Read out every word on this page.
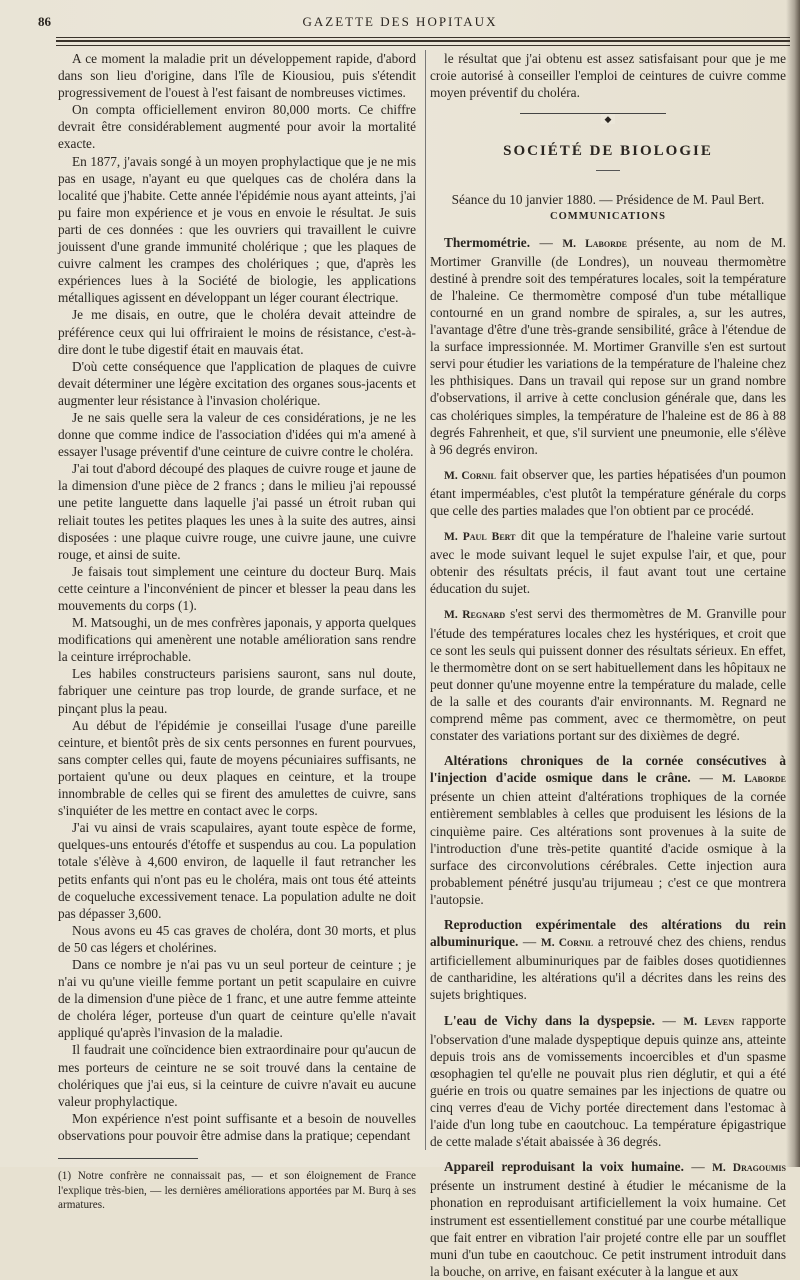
86	GAZETTE DES HOPITAUX

A ce moment la maladie prit un développement rapide, d'abord dans son lieu d'origine, dans l'île de Kiousiou, puis s'étendit progressivement de l'ouest à l'est faisant de nombreuses victimes.

On compta officiellement environ 80,000 morts. Ce chiffre devrait être considérablement augmenté pour avoir la mortalité exacte.

En 1877, j'avais songé à un moyen prophylactique que je ne mis pas en usage, n'ayant eu que quelques cas de choléra dans la localité que j'habite. Cette année l'épidémie nous ayant atteints, j'ai pu faire mon expérience et je vous en envoie le résultat. Je suis parti de ces données : que les ouvriers qui travaillent le cuivre jouissent d'une grande immunité cholérique ; que les plaques de cuivre calment les crampes des cholériques ; que, d'après les expériences lues à la Société de biologie, les applications métalliques agissent en développant un léger courant électrique.

Je me disais, en outre, que le choléra devait atteindre de préférence ceux qui lui offriraient le moins de résistance, c'est-à-dire dont le tube digestif était en mauvais état.

D'où cette conséquence que l'application de plaques de cuivre devait déterminer une légère excitation des organes sous-jacents et augmenter leur résistance à l'invasion cholérique.

Je ne sais quelle sera la valeur de ces considérations, je ne les donne que comme indice de l'association d'idées qui m'a amené à essayer l'usage préventif d'une ceinture de cuivre contre le choléra.

J'ai tout d'abord découpé des plaques de cuivre rouge et jaune de la dimension d'une pièce de 2 francs ; dans le milieu j'ai repoussé une petite languette dans laquelle j'ai passé un étroit ruban qui reliait toutes les petites plaques les unes à la suite des autres, ainsi disposées : une plaque cuivre rouge, une cuivre jaune, une cuivre rouge, et ainsi de suite.

Je faisais tout simplement une ceinture du docteur Burq. Mais cette ceinture a l'inconvénient de pincer et blesser la peau dans les mouvements du corps (1).

M. Matsoughi, un de mes confrères japonais, y apporta quelques modifications qui amenèrent une notable amélioration sans rendre la ceinture irréprochable.

Les habiles constructeurs parisiens sauront, sans nul doute, fabriquer une ceinture pas trop lourde, de grande surface, et ne pinçant plus la peau.

Au début de l'épidémie je conseillai l'usage d'une pareille ceinture, et bientôt près de six cents personnes en furent pourvues, sans compter celles qui, faute de moyens pécuniaires suffisants, ne portaient qu'une ou deux plaques en ceinture, et la troupe innombrable de celles qui se firent des amulettes de cuivre, sans s'inquiéter de les mettre en contact avec le corps.

J'ai vu ainsi de vrais scapulaires, ayant toute espèce de forme, quelques-uns entourés d'étoffe et suspendus au cou. La population totale s'élève à 4,600 environ, de laquelle il faut retrancher les petits enfants qui n'ont pas eu le choléra, mais ont tous été atteints de coqueluche excessivement tenace. La population adulte ne doit pas dépasser 3,600.

Nous avons eu 45 cas graves de choléra, dont 30 morts, et plus de 50 cas légers et cholérines.

Dans ce nombre je n'ai pas vu un seul porteur de ceinture ; je n'ai vu qu'une vieille femme portant un petit scapulaire en cuivre de la dimension d'une pièce de 1 franc, et une autre femme atteinte de choléra léger, porteuse d'un quart de ceinture qu'elle n'avait appliqué qu'après l'invasion de la maladie.

Il faudrait une coïncidence bien extraordinaire pour qu'aucun de mes porteurs de ceinture ne se soit trouvé dans la centaine de cholériques que j'ai eus, si la ceinture de cuivre n'avait eu aucune valeur prophylactique.

Mon expérience n'est point suffisante et a besoin de nouvelles observations pour pouvoir être admise dans la pratique; cependant

(1) Notre confrère ne connaissait pas, — et son éloignement de France l'explique très-bien, — les dernières améliorations apportées par M. Burq à ses armatures.

le résultat que j'ai obtenu est assez satisfaisant pour que je me croie autorisé à conseiller l'emploi de ceintures de cuivre comme moyen préventif du choléra.

◆
SOCIÉTÉ DE BIOLOGIE

Séance du 10 janvier 1880. — Présidence de M. Paul Bert.

COMMUNICATIONS

Thermométrie. — M. Laborde présente, au nom de M. Mortimer Granville (de Londres), un nouveau thermomètre destiné à prendre soit des températures locales, soit la température de l'haleine. Ce thermomètre composé d'un tube métallique contourné en un grand nombre de spirales, a, sur les autres, l'avantage d'être d'une très-grande sensibilité, grâce à l'étendue de la surface impressionnée. M. Mortimer Granville s'en est surtout servi pour étudier les variations de la température de l'haleine chez les phthisiques. Dans un travail qui repose sur un grand nombre d'observations, il arrive à cette conclusion générale que, dans les cas cholériques simples, la température de l'haleine est de 86 à 88 degrés Fahrenheit, et que, s'il survient une pneumonie, elle s'élève à 96 degrés environ.

M. Cornil fait observer que, les parties hépatisées d'un poumon étant imperméables, c'est plutôt la température générale du corps que celle des parties malades que l'on obtient par ce procédé.

M. Paul Bert dit que la température de l'haleine varie surtout avec le mode suivant lequel le sujet expulse l'air, et que, pour obtenir des résultats précis, il faut avant tout une certaine éducation du sujet.

M. Regnard s'est servi des thermomètres de M. Granville pour l'étude des températures locales chez les hystériques, et croit que ce sont les seuls qui puissent donner des résultats sérieux. En effet, le thermomètre dont on se sert habituellement dans les hôpitaux ne peut donner qu'une moyenne entre la température du malade, celle de la salle et des courants d'air environnants. M. Regnard ne comprend même pas comment, avec ce thermomètre, on peut constater des variations portant sur des dixièmes de degré.

Altérations chroniques de la cornée consécutives à l'injection d'acide osmique dans le crâne. — M. Laborde présente un chien atteint d'altérations trophiques de la cornée entièrement semblables à celles que produisent les lésions de la cinquième paire. Ces altérations sont provenues à la suite de l'introduction d'une très-petite quantité d'acide osmique à la surface des circonvolutions cérébrales. Cette injection aura probablement pénétré jusqu'au trijumeau ; c'est ce que montrera l'autopsie.

Reproduction expérimentale des altérations du rein albuminurique. — M. Cornil a retrouvé chez des chiens, rendus artificiellement albuminuriques par de faibles doses quotidiennes de cantharidine, les altérations qu'il a décrites dans les reins des sujets brightiques.

L'eau de Vichy dans la dyspepsie. — M. Leven rapporte l'observation d'une malade dyspeptique depuis quinze ans, atteinte depuis trois ans de vomissements incoercibles et d'un spasme œsophagien tel qu'elle ne pouvait plus rien déglutir, et qui a été guérie en trois ou quatre semaines par les injections de quatre ou cinq verres d'eau de Vichy portée directement dans l'estomac à l'aide d'un long tube en caoutchouc. La température épigastrique de cette malade s'était abaissée à 36 degrés.

Appareil reproduisant la voix humaine. — M. Dragoumis présente un instrument destiné à étudier le mécanisme de la phonation en reproduisant artificiellement la voix humaine. Cet instrument est essentiellement constitué par une courbe métallique que fait entrer en vibration l'air projeté contre elle par un soufflet muni d'un tube en caoutchouc. Ce petit instrument introduit dans la bouche, on arrive, en faisant exécuter à la langue et aux
